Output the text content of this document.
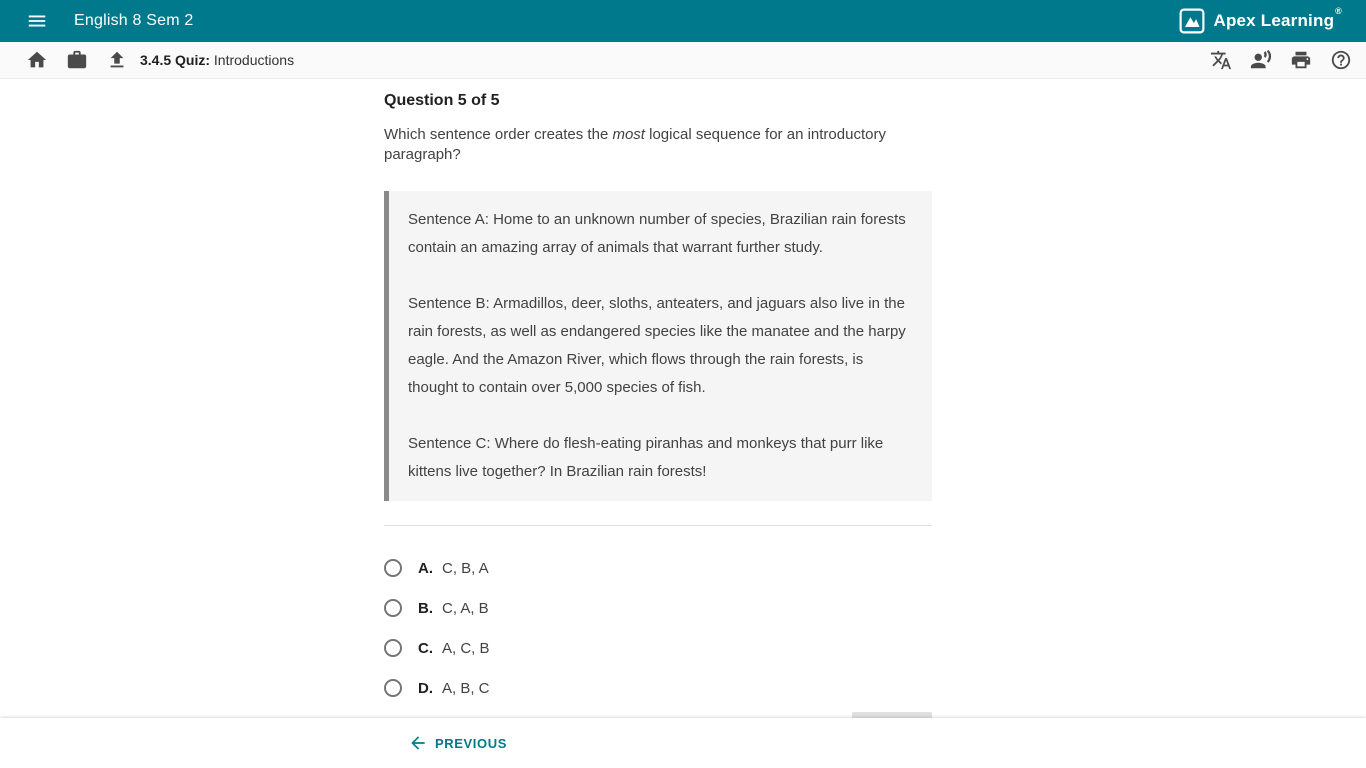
English 8 Sem 2	Apex Learning®
3.4.5 Quiz: Introductions
Question 5 of 5

Which sentence order creates the most logical sequence for an introductory paragraph?

Sentence A: Home to an unknown number of species, Brazilian rain forests contain an amazing array of animals that warrant further study.

Sentence B: Armadillos, deer, sloths, anteaters, and jaguars also live in the rain forests, as well as endangered species like the manatee and the harpy eagle. And the Amazon River, which flows through the rain forests, is thought to contain over 5,000 species of fish.

Sentence C: Where do flesh-eating piranhas and monkeys that purr like kittens live together? In Brazilian rain forests!

A. C, B, A
B. C, A, B
C. A, C, B
D. A, B, C
PREVIOUS
